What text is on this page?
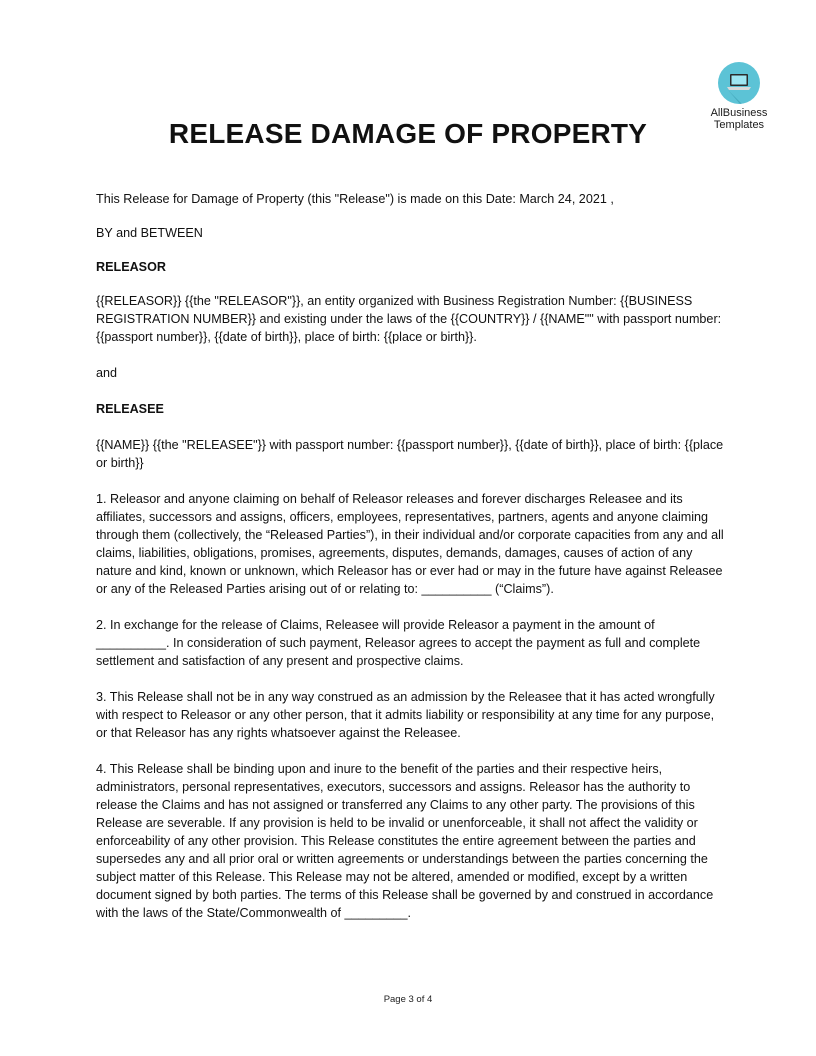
AllBusiness
Templates
RELEASE DAMAGE OF PROPERTY

This Release for Damage of Property (this "Release") is made on this Date: March 24, 2021 ,

BY and BETWEEN

RELEASOR

{{RELEASOR}} {{the "RELEASOR"}}, an entity organized with Business Registration Number: {{BUSINESS REGISTRATION NUMBER}} and existing under the laws of the {{COUNTRY}} / {{NAME"" with passport number: {{passport number}}, {{date of birth}}, place of birth: {{place or birth}}.

and

RELEASEE

{{NAME}} {{the "RELEASEE"}} with passport number: {{passport number}}, {{date of birth}}, place of birth: {{place or birth}}

1. Releasor and anyone claiming on behalf of Releasor releases and forever discharges Releasee and its affiliates, successors and assigns, officers, employees, representatives, partners, agents and anyone claiming through them (collectively, the “Released Parties”), in their individual and/or corporate capacities from any and all claims, liabilities, obligations, promises, agreements, disputes, demands, damages, causes of action of any nature and kind, known or unknown, which Releasor has or ever had or may in the future have against Releasee or any of the Released Parties arising out of or relating to: __________ (“Claims”).

2. In exchange for the release of Claims, Releasee will provide Releasor a payment in the amount of __________. In consideration of such payment, Releasor agrees to accept the payment as full and complete settlement and satisfaction of any present and prospective claims.

3. This Release shall not be in any way construed as an admission by the Releasee that it has acted wrongfully with respect to Releasor or any other person, that it admits liability or responsibility at any time for any purpose, or that Releasor has any rights whatsoever against the Releasee.

4. This Release shall be binding upon and inure to the benefit of the parties and their respective heirs, administrators, personal representatives, executors, successors and assigns. Releasor has the authority to release the Claims and has not assigned or transferred any Claims to any other party. The provisions of this Release are severable. If any provision is held to be invalid or unenforceable, it shall not affect the validity or enforceability of any other provision. This Release constitutes the entire agreement between the parties and supersedes any and all prior oral or written agreements or understandings between the parties concerning the subject matter of this Release. This Release may not be altered, amended or modified, except by a written document signed by both parties. The terms of this Release shall be governed by and construed in accordance with the laws of the State/Commonwealth of _________.

Page 3 of 4
